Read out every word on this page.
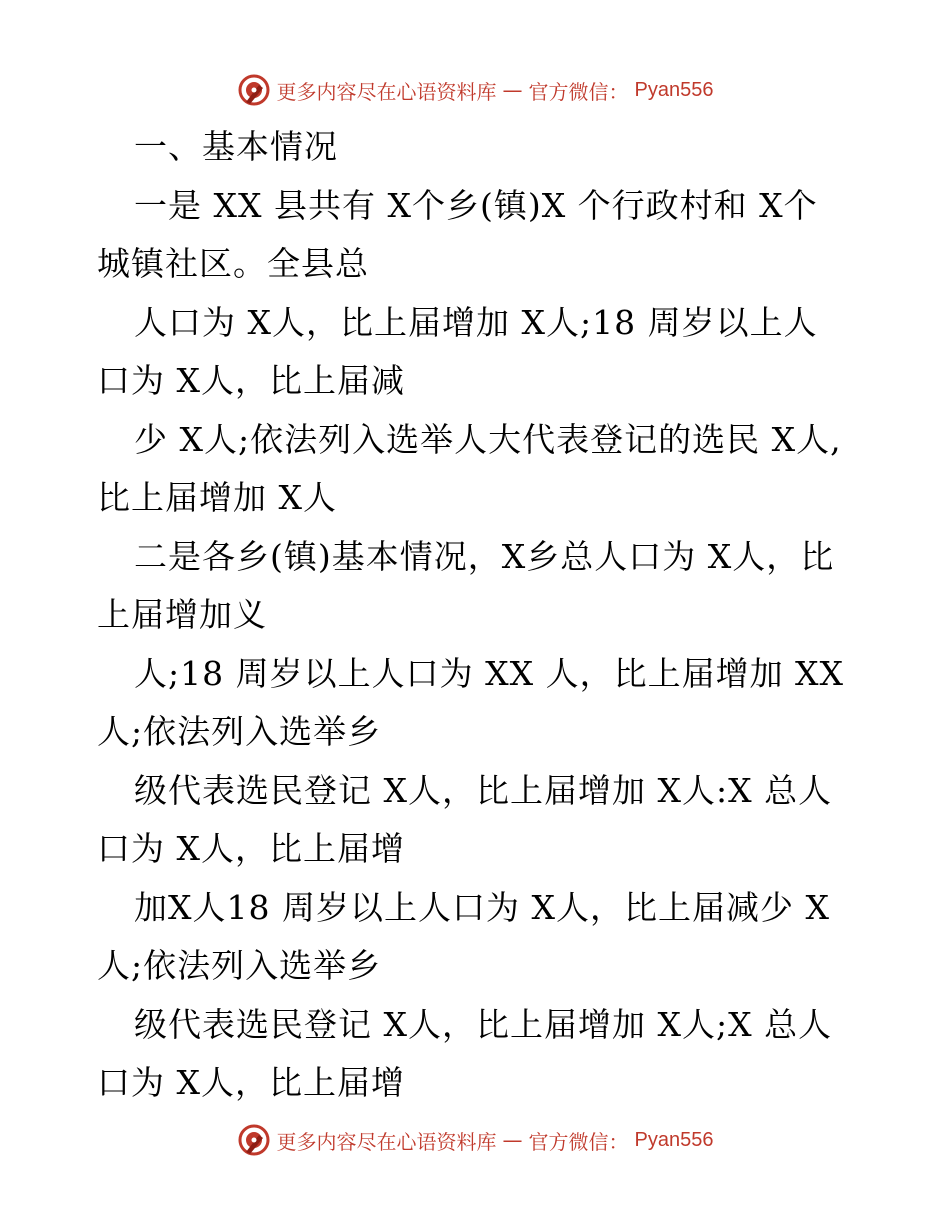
更多内容尽在心语资料库 — 官方微信： Pyan556
一、基本情况
一是 XX 县共有 X个乡(镇)X 个行政村和 X个
城镇社区。全县总
人口为 X人，比上届增加 X人;18 周岁以上人
口为 X人，比上届减
少 X人;依法列入选举人大代表登记的选民 X人,
比上届增加 X人
二是各乡(镇)基本情况，X乡总人口为 X人，比
上届增加义
人;18 周岁以上人口为 XX 人，比上届增加 XX
人;依法列入选举乡
级代表选民登记 X人，比上届增加 X人:X 总人
口为 X人，比上届增
加X人18 周岁以上人口为 X人，比上届减少 X
人;依法列入选举乡
级代表选民登记 X人，比上届增加 X人;X 总人
口为 X人，比上届增
更多内容尽在心语资料库 — 官方微信： Pyan556
